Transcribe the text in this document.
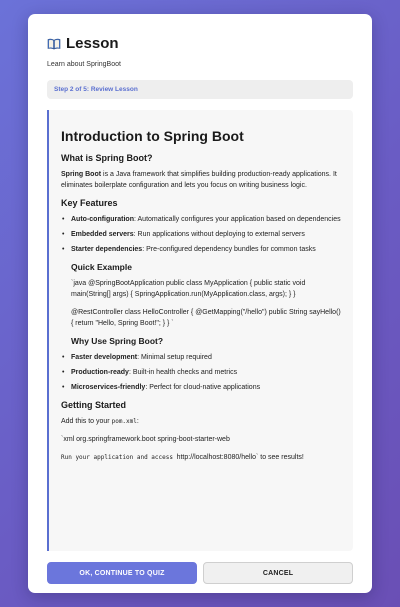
Lesson
Learn about SpringBoot
Step 2 of 5: Review Lesson
Introduction to Spring Boot
What is Spring Boot?

Spring Boot is a Java framework that simplifies building production-ready applications. It eliminates boilerplate configuration and lets you focus on writing business logic.

Key Features
• Auto-configuration: Automatically configures your application based on dependencies
• Embedded servers: Run applications without deploying to external servers
• Starter dependencies: Pre-configured dependency bundles for common tasks
Quick Example

`java @SpringBootApplication public class MyApplication { public static void main(String[] args) { SpringApplication.run(MyApplication.class, args); } }

@RestController class HelloController { @GetMapping("/hello") public String sayHello() { return "Hello, Spring Boot!"; } } `

Why Use Spring Boot?
• Faster development: Minimal setup required
• Production-ready: Built-in health checks and metrics
• Microservices-friendly: Perfect for cloud-native applications
Getting Started

Add this to your pom.xml:

`xml org.springframework.boot spring-boot-starter-web

Run your application and access http://localhost:8080/hello` to see results!

OK, CONTINUE TO QUIZ	CANCEL
